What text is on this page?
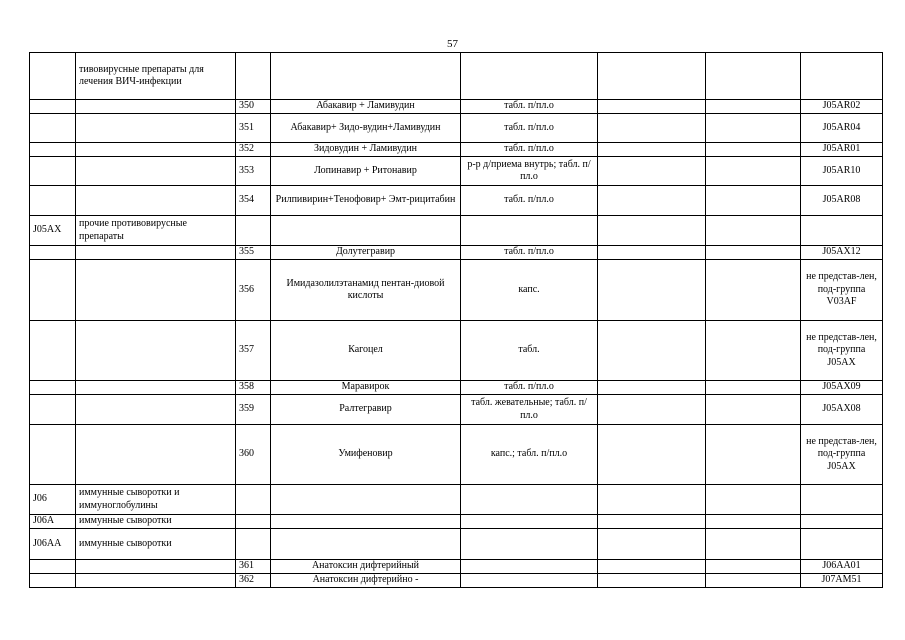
57
	тивовирусные препараты для лечения ВИЧ-инфекции						
		350	Абакавир + Ламивудин	табл. п/пл.о			J05AR02
		351	Абакавир+ Зидо-вудин+Ламивудин	табл. п/пл.о			J05AR04
		352	Зидовудин + Ламивудин	табл. п/пл.о			J05AR01
		353	Лопинавир + Ритонавир	р-р д/приема внутрь; табл. п/пл.о			J05AR10
		354	Рилпивирин+Тенофовир+ Эмт-рицитабин	табл. п/пл.о			J05AR08
J05AX	прочие противовирусные препараты						
		355	Долутегравир	табл. п/пл.о			J05AX12
		356	Имидазолилэтанамид пентан-диовой кислоты	капс.			не представ-лен, под-группа V03AF
		357	Кагоцел	табл.			не представ-лен, под-группа J05AX
		358	Маравирок	табл. п/пл.о			J05AX09
		359	Ралтегравир	табл. жевательные; табл. п/пл.о			J05AX08
		360	Умифеновир	капс.; табл. п/пл.о			не представ-лен, под-группа J05AX
J06	иммунные сыворотки и иммуноглобулины						
J06A	иммунные сыворотки						
J06AA	иммунные сыворотки						
		361	Анатоксин дифтерийный				J06AA01
		362	Анатоксин дифтерийно -				J07AM51
